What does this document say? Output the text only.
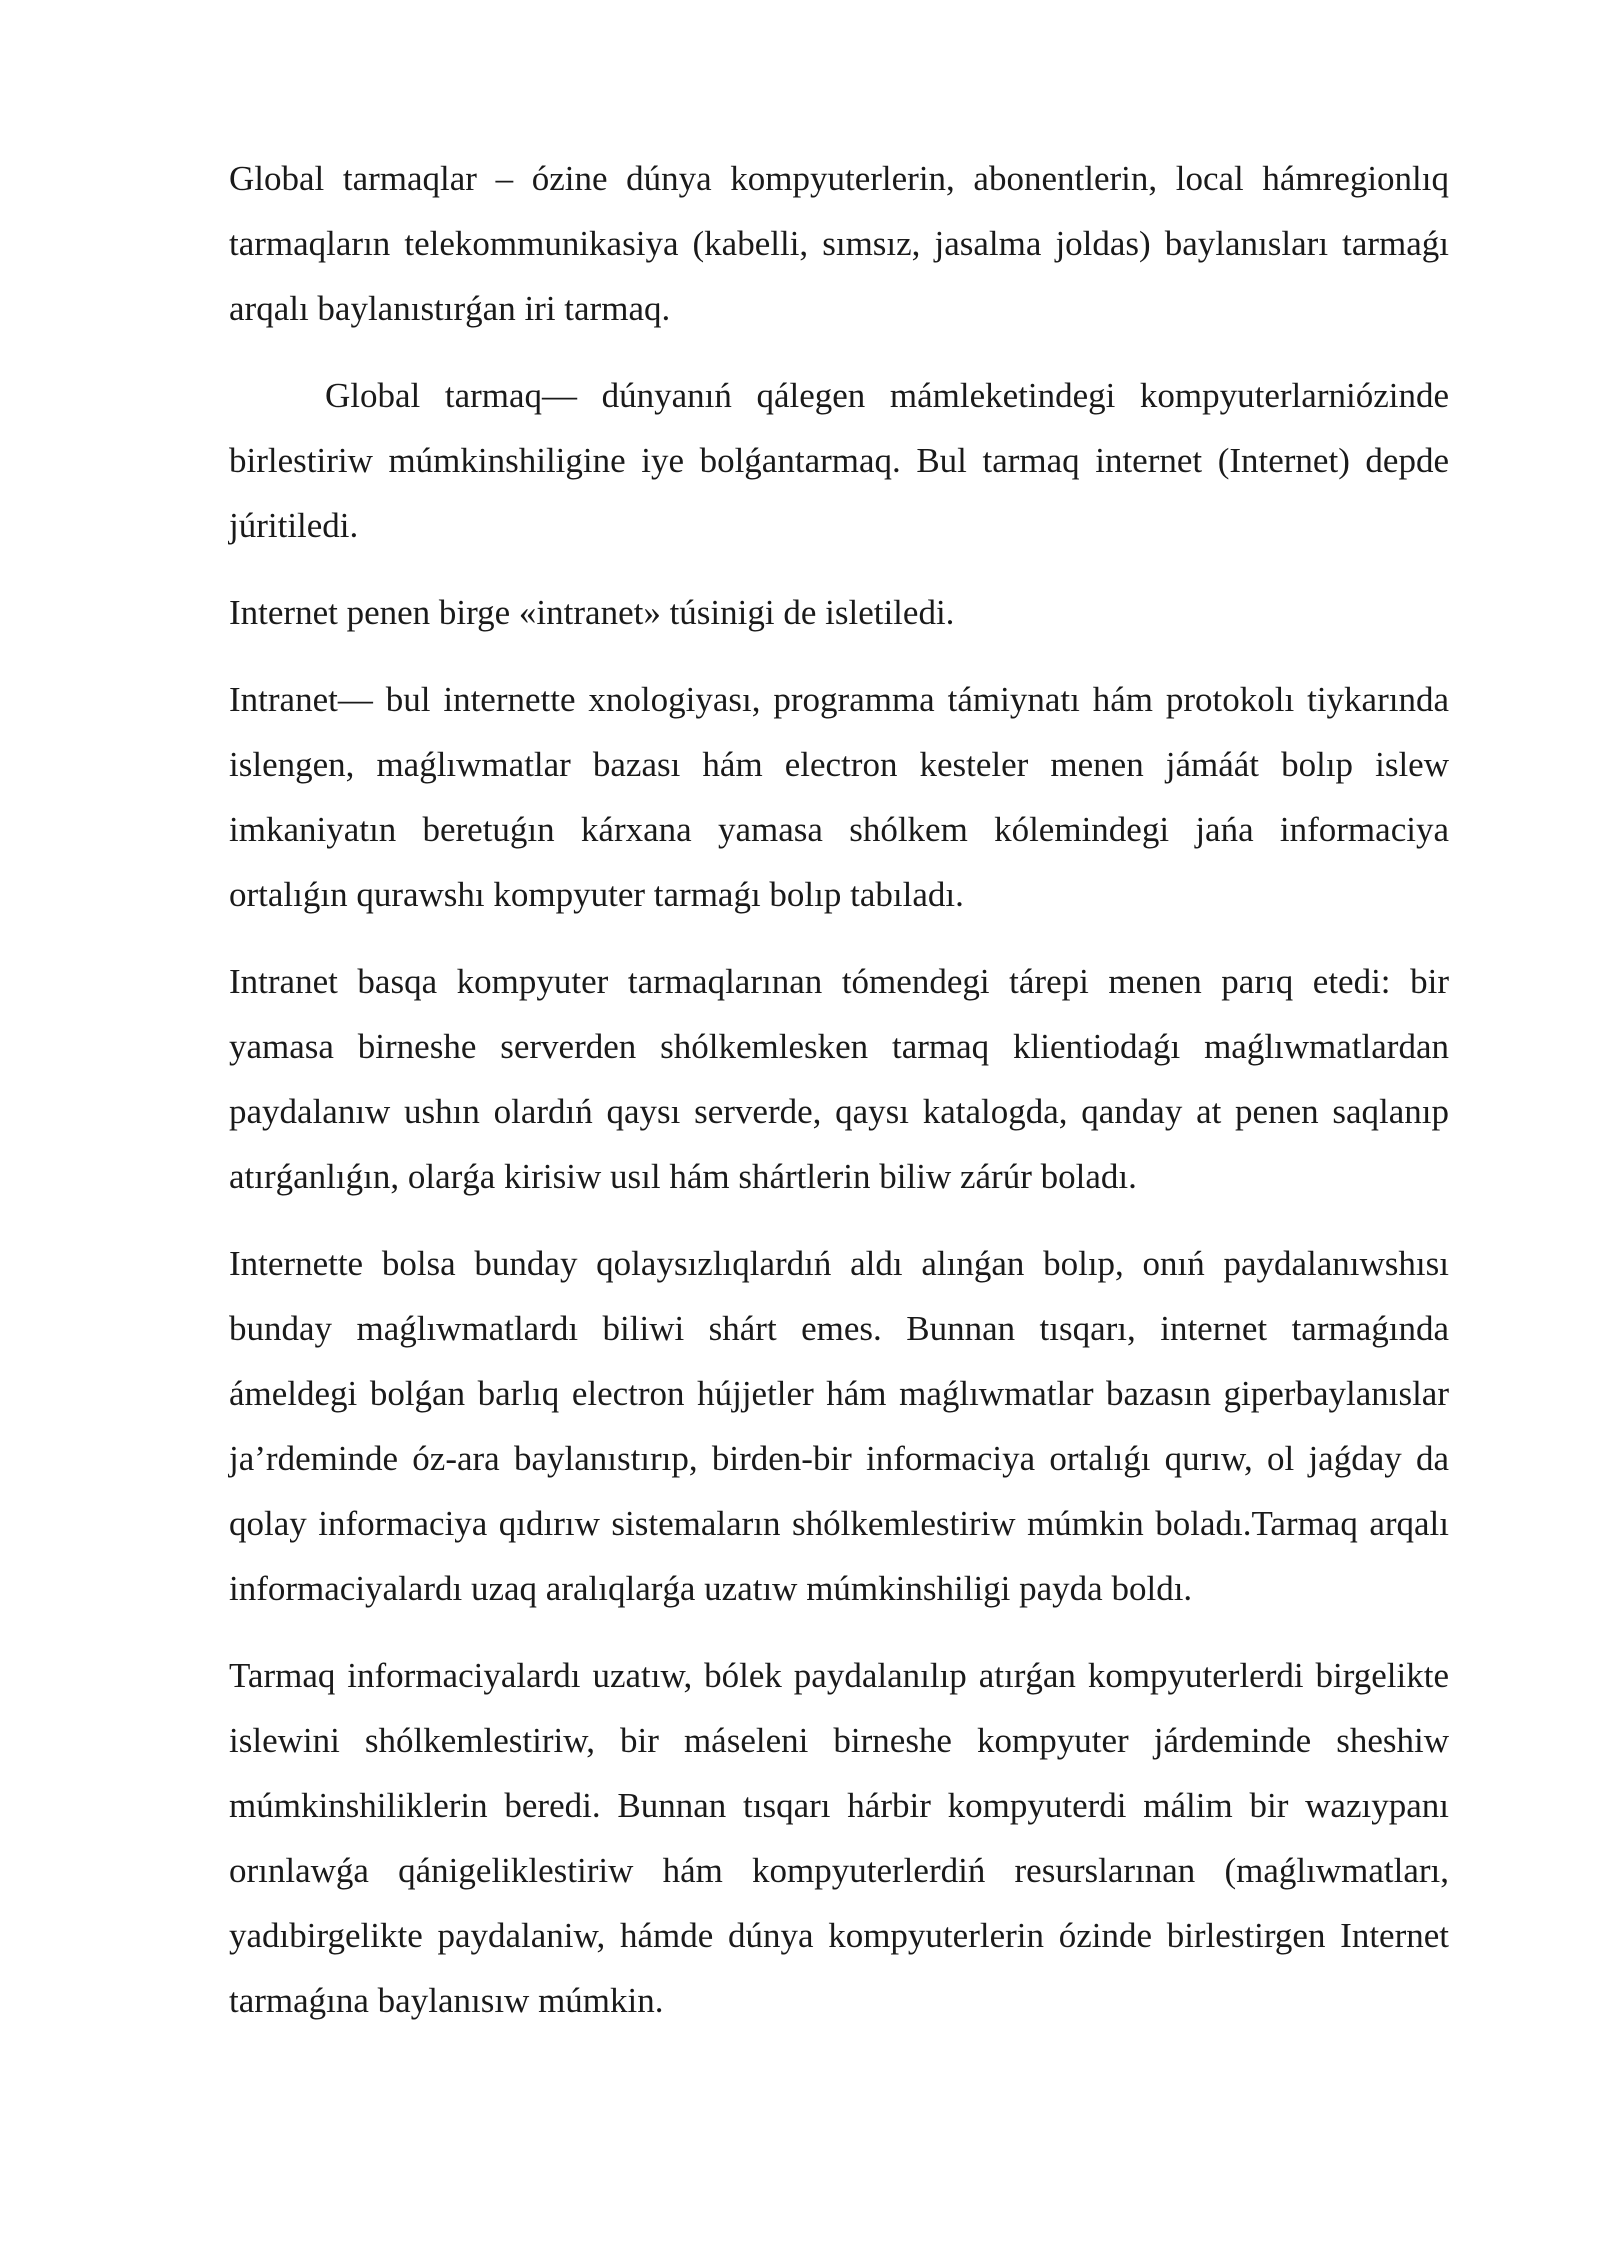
Global tarmaqlar – ózine dúnya kompyuterlerin, abonentlerin, local hámregionlıq tarmaqların telekommunikasiya (kabelli, sımsız, jasalma joldas) baylanısları tarmaǵı arqalı baylanıstırǵan iri tarmaq.

Global tarmaq— dúnyanıń qálegen mámleketindegi kompyuterlarniózinde birlestiriw múmkinshiligine iye bolǵantarmaq. Bul tarmaq internet (Internet) depde júritiledi.

Internet penen birge «intranet» túsinigi de isletiledi.

Intranet— bul internette xnologiyası, programma támiynatı hám protokolı tiykarında islengen, maǵlıwmatlar bazası hám electron kesteler menen jámáát bolıp islew imkaniyatın beretuǵın kárxana yamasa shólkem kólemindegi jańa informaciya ortalıǵın qurawshı kompyuter tarmaǵı bolıp tabıladı.

Intranet basqa kompyuter tarmaqlarınan tómendegi tárepi menen parıq etedi: bir yamasa birneshe serverden shólkemlesken tarmaq klientiodaǵı maǵlıwmatlardan paydalanıw ushın olardıń qaysı serverde, qaysı katalogda, qanday at penen saqlanıp atırǵanlıǵın, olarǵa kirisiw usıl hám shártlerin biliw zárúr boladı.

Internette bolsa bunday qolaysızlıqlardıń aldı alınǵan bolıp, onıń paydalanıwshısı bunday maǵlıwmatlardı biliwi shárt emes. Bunnan tısqarı, internet tarmaǵında ámeldegi bolǵan barlıq electron hújjetler hám maǵlıwmatlar bazasın giperbaylanıslar ja’rdeminde óz-ara baylanıstırıp, birden-bir informaciya ortalıǵı qurıw, ol jaǵday da qolay informaciya qıdırıw sistemaların shólkemlestiriw múmkin boladı.Tarmaq arqalı informaciyalardı uzaq aralıqlarǵa uzatıw múmkinshiligi payda boldı.

Tarmaq informaciyalardı uzatıw, bólek paydalanılıp atırǵan kompyuterlerdi birgelikte islewini shólkemlestiriw, bir máseleni birneshe kompyuter járdeminde sheshiw múmkinshiliklerin beredi. Bunnan tısqarı hárbir kompyuterdi málim bir wazıypanı orınlawǵa qánigeliklestiriw hám kompyuterlerdiń resurslarınan (maǵlıwmatları, yadıbirgelikte paydalaniw, hámde dúnya kompyuterlerin ózinde birlestirgen Internet tarmaǵına baylanısıw múmkin.
